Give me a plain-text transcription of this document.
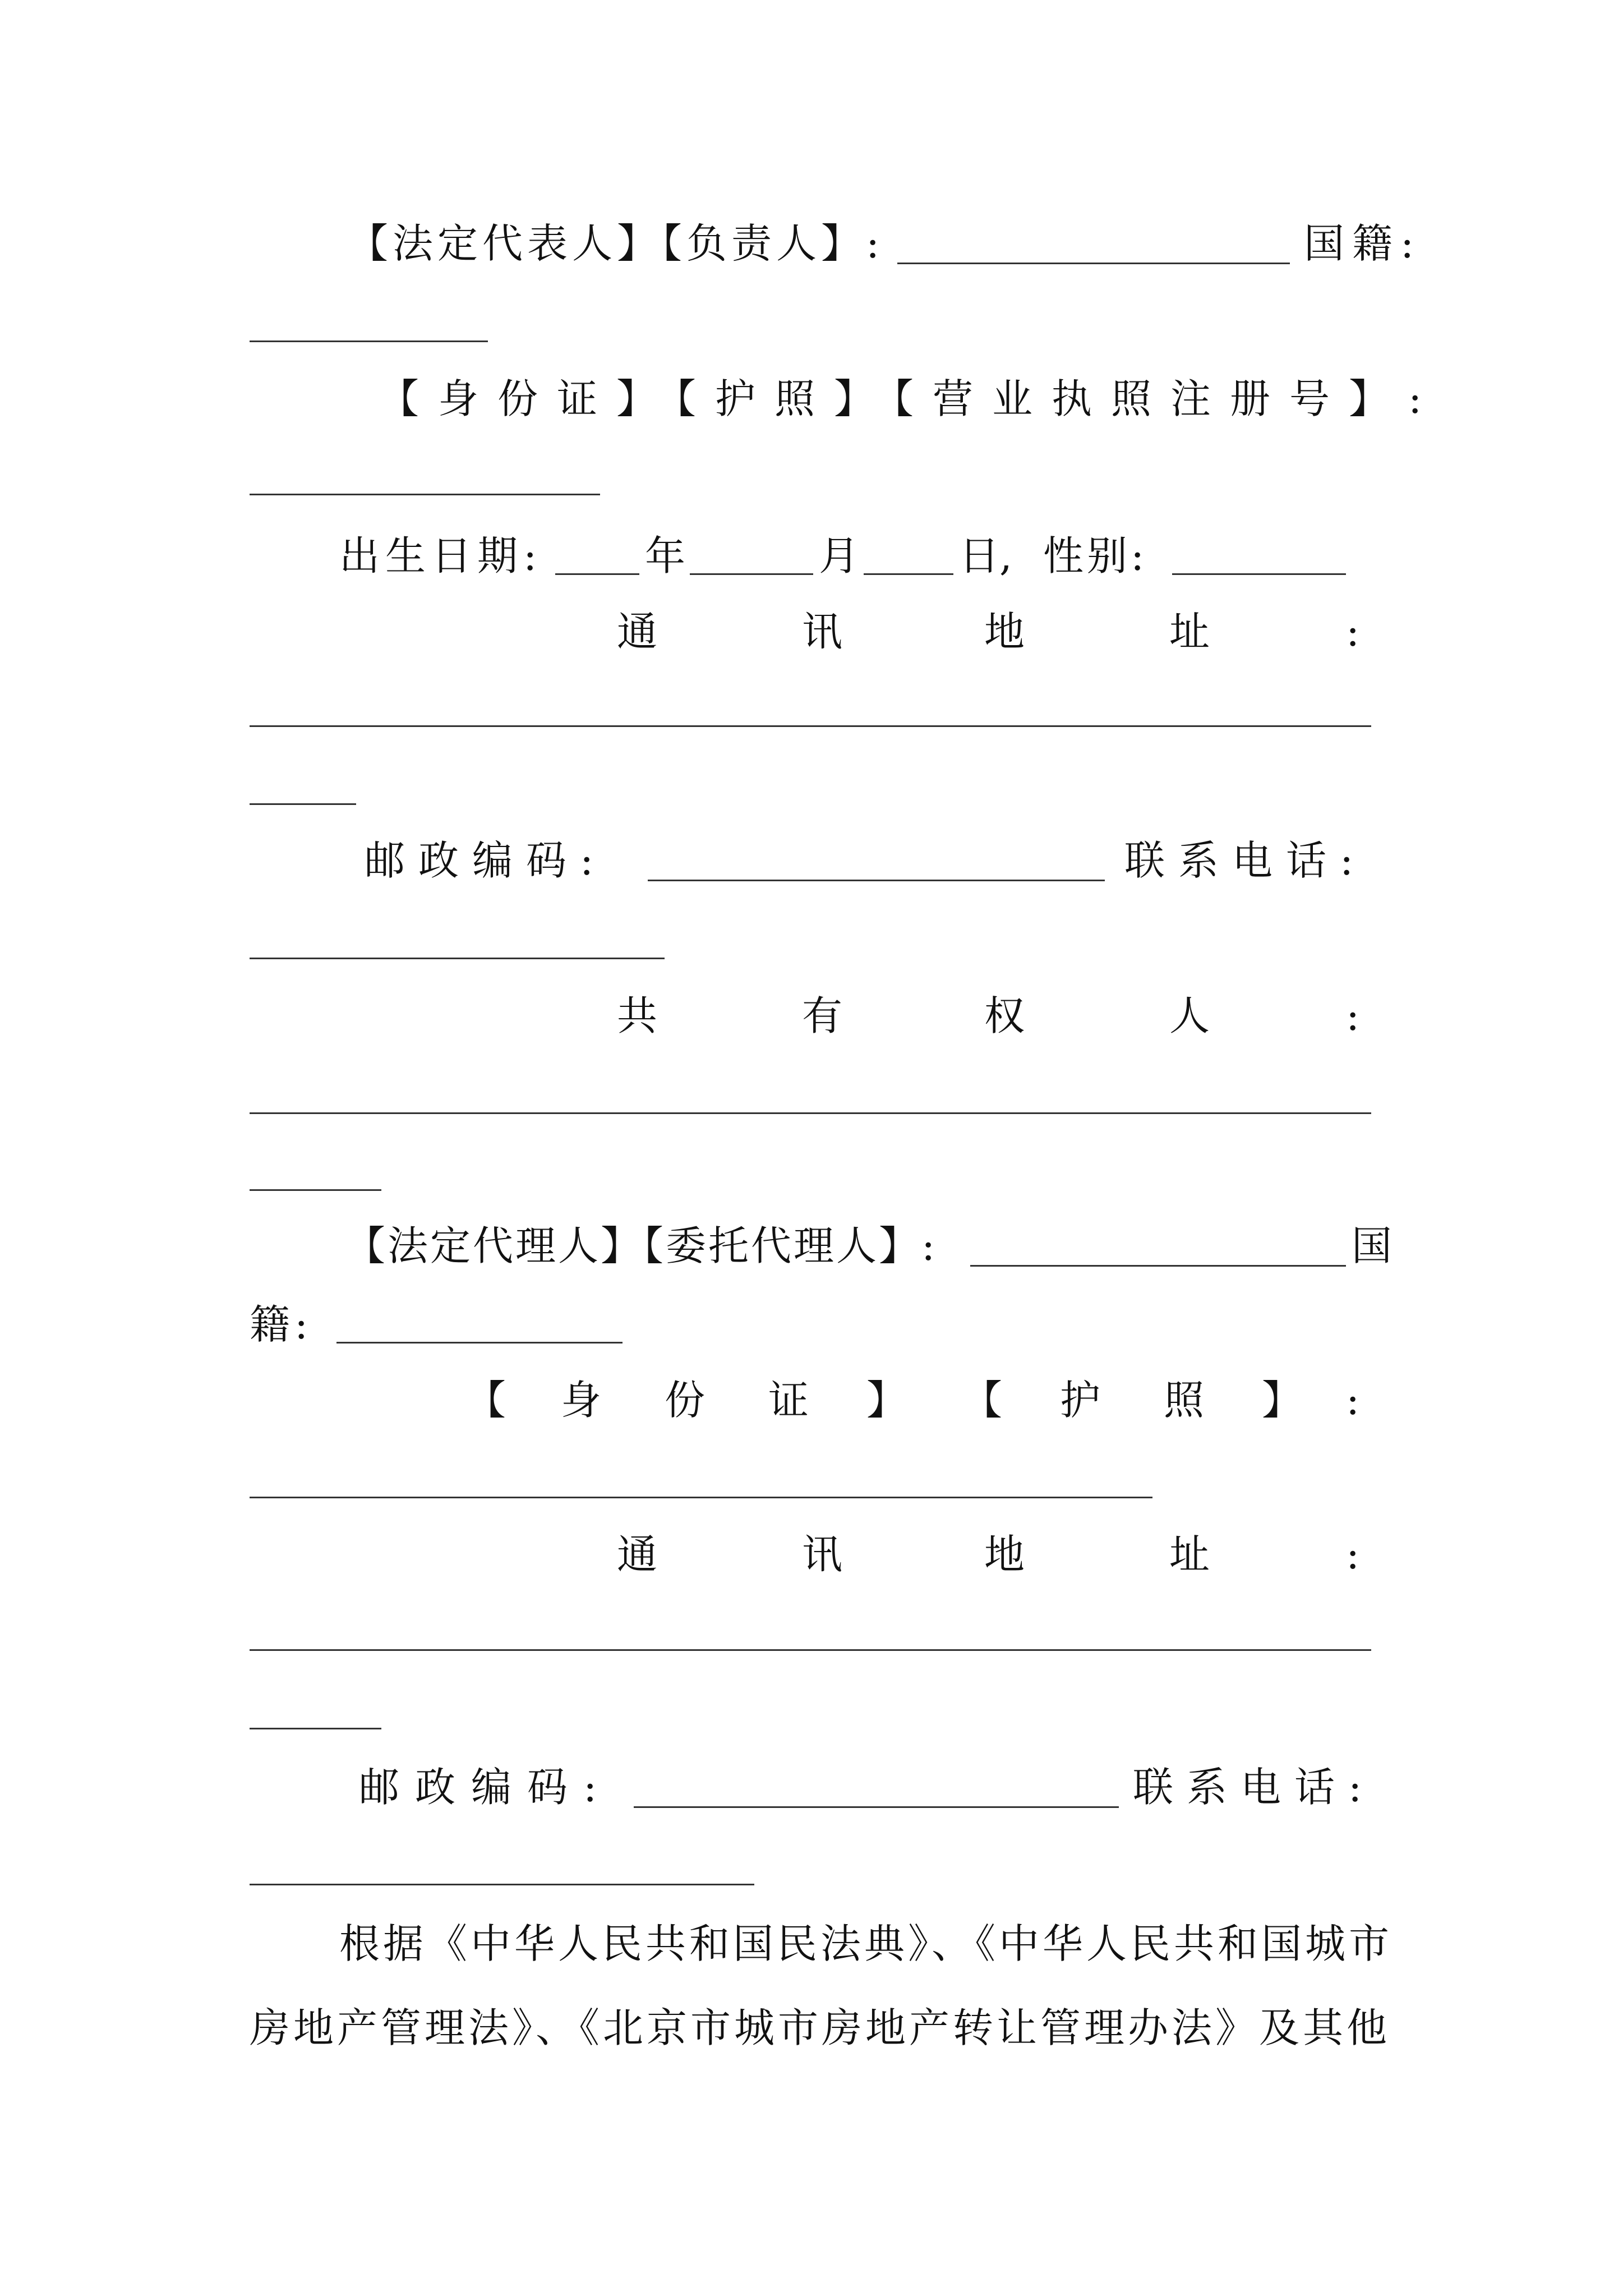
【法定代表人】【负责人】:	国籍:
【身份证】【护照】【营业执照注册号】:
出生日期:	年	月 日, 性别:
通	讯	地	址	:
邮政编码:	联系电话:
共	有	权	人	:
【法定代理人】【委托代理人】:	国
籍:
【 身 份 证 】 【 护 照 】 :
通	讯	地	址	:
邮政编码:	联系电话:
根据《中华人民共和国民法典》、《中华人民共和国城市房地产管理法》、《北京市城市房地产转让管理办法》及其他
